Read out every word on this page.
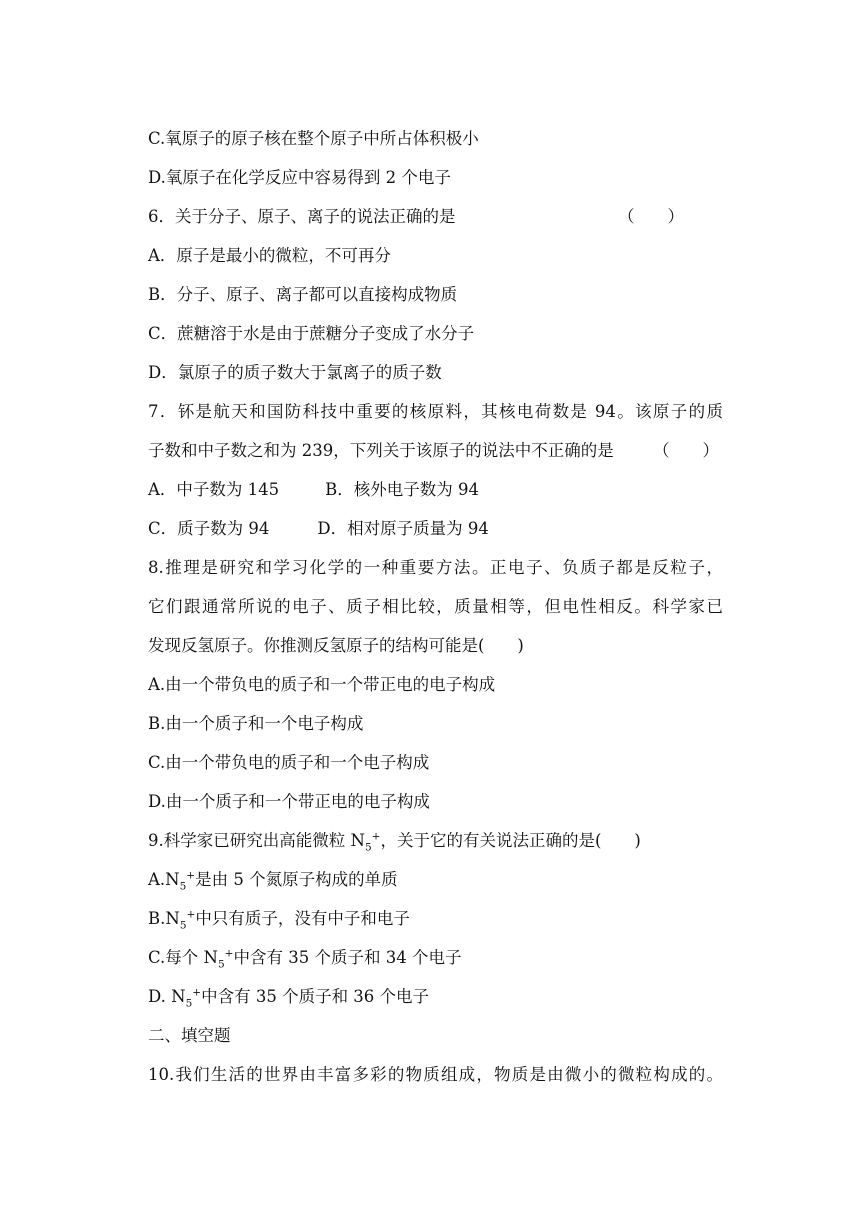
C.氧原子的原子核在整个原子中所占体积极小
D.氧原子在化学反应中容易得到 2 个电子
6．关于分子、原子、离子的说法正确的是	（　　）
A．原子是最小的微粒，不可再分
B．分子、原子、离子都可以直接构成物质
C．蔗糖溶于水是由于蔗糖分子变成了水分子
D．氯原子的质子数大于氯离子的质子数
7．钚是航天和国防科技中重要的核原料，其核电荷数是 94。该原子的质
子数和中子数之和为 239，下列关于该原子的说法中不正确的是 （　　）
A．中子数为 145	B．核外电子数为 94
C．质子数为 94	D．相对原子质量为 94
8.推理是研究和学习化学的一种重要方法。正电子、负质子都是反粒子，
它们跟通常所说的电子、质子相比较，质量相等，但电性相反。科学家已
发现反氢原子。你推测反氢原子的结构可能是(　　)
A.由一个带负电的质子和一个带正电的电子构成
B.由一个质子和一个电子构成
C.由一个带负电的质子和一个电子构成
D.由一个质子和一个带正电的电子构成
9.科学家已研究出高能微粒 $N_5^+$，关于它的有关说法正确的是(　　)
$A.N_5^+$是由 5 个氮原子构成的单质
$B.N_5^+$中只有质子，没有中子和电子
C.每个 $N_5^+$中含有 35 个质子和 34 个电子
D. $N_5^+$中含有 35 个质子和 36 个电子
二、填空题
10.我们生活的世界由丰富多彩的物质组成，物质是由微小的微粒构成的。
